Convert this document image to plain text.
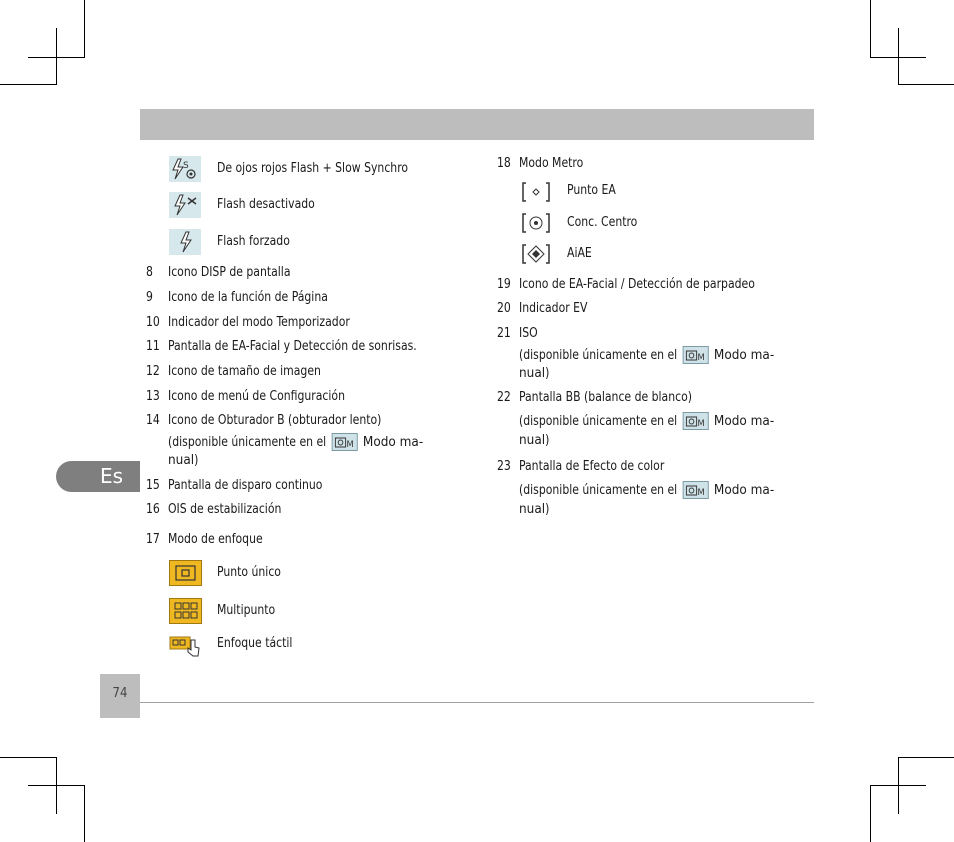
Es
74
S De ojos rojos Flash + Slow Synchro
Flash desactivado
Flash forzado
8 Icono DISP de pantalla
9 Icono de la función de Página
10 Indicador del modo Temporizador
11 Pantalla de EA-Facial y Detección de sonrisas.
12 Icono de tamaño de imagen
13 Icono de menú de Configuración
14 Icono de Obturador B (obturador lento)
(disponible únicamente en el M Modo ma-
nual)
15 Pantalla de disparo continuo
16 OIS de estabilización
17 Modo de enfoque
Punto único
Multipunto
Enfoque táctil
18 Modo Metro
Punto EA
Conc. Centro
AiAE
19 Icono de EA-Facial / Detección de parpadeo
20 Indicador EV
21 ISO
(disponible únicamente en el M Modo ma-
nual)
22 Pantalla BB (balance de blanco)
(disponible únicamente en el M Modo ma-
nual)
23 Pantalla de Efecto de color
(disponible únicamente en el M Modo ma-
nual)
